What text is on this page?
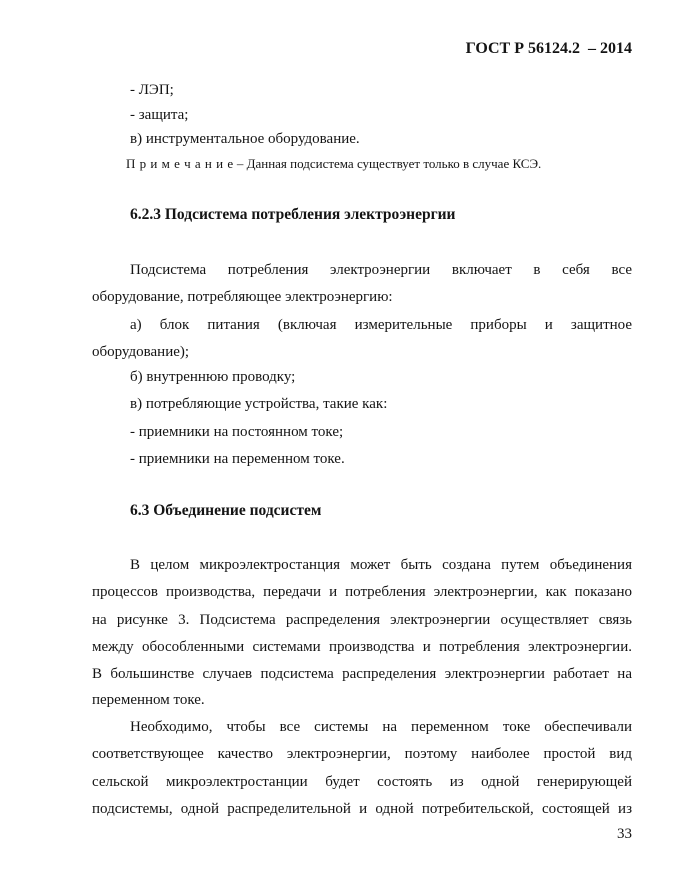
ГОСТ Р 56124.2  – 2014
- ЛЭП;
- защита;
в) инструментальное оборудование.
П р и м е ч а н и е – Данная подсистема существует только в случае КСЭ.
6.2.3 Подсистема потребления электроэнергии
Подсистема потребления электроэнергии включает в себя все
оборудование, потребляющее электроэнергию:
а) блок питания (включая измерительные приборы и защитное
оборудование);
б) внутреннюю проводку;
в) потребляющие устройства, такие как:
- приемники на постоянном токе;
- приемники на переменном токе.
6.3 Объединение подсистем
В целом микроэлектростанция может быть создана путем объединения
процессов производства, передачи и потребления электроэнергии, как показано
на рисунке 3. Подсистема распределения электроэнергии осуществляет связь
между обособленными системами производства и потребления электроэнергии.
В большинстве случаев подсистема распределения электроэнергии работает на
переменном токе.
Необходимо, чтобы все системы на переменном токе обеспечивали
соответствующее качество электроэнергии, поэтому наиболее простой вид
сельской микроэлектростанции будет состоять из одной генерирующей
подсистемы, одной распределительной и одной потребительской, состоящей из
33
